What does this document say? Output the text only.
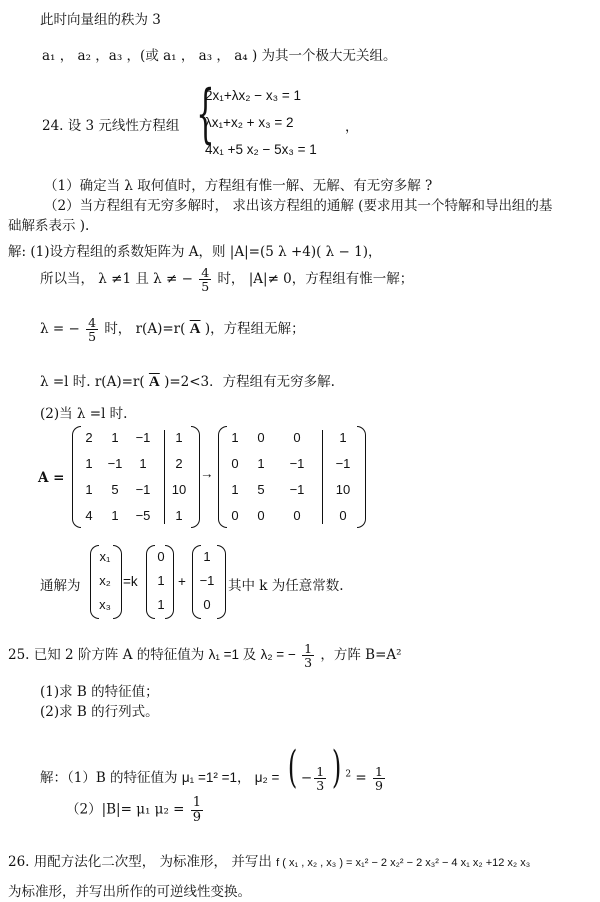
此时向量组的秩为 3
a₁ ， a₂ ，a₃ ，(或 a₁ ， a₃ ， a₄ ) 为其一个极大无关组。
24. 设 3 元线性方程组 {
2x₁+λx₂ − x₃ = 1
λx₁+x₂ + x₃ = 2
4x₁ +5 x₂ − 5x₃ = 1
，
（1）确定当 λ 取何值时，方程组有惟一解、无解、有无穷多解 ?
（2）当方程组有无穷多解时， 求出该方程组的通解 (要求用其一个特解和导出组的基
础解系表示 ).
解: (1)设方程组的系数矩阵为 A，则 |A|=(5 λ +4)( λ − 1)，
所以当， λ ≠1 且 λ ≠ − $\frac{4}{5}$ 时， |A|≠ 0，方程组有惟一解；
λ = − $\frac{4}{5}$ 时， r(A)=r( $\overline{A}$ )，方程组无解；
λ =l 时. r(A)=r( $\overline{A}$ )=2<3．方程组有无穷多解.
(2)当 λ =l 时.
A =
2	1	−1	1
1	−1	1	2
1	5	−1	10
4	1	−5	1
→
1	0	0	1
0	1	−1	−1
1	5	−1	10
0	0	0	0
通解为
x₁
x₂
x₃
=k
0
1
1
+
1
−1
0
其中 k 为任意常数.
25. 已知 2 阶方阵 A 的特征值为 λ₁ =1 及 λ₂ = − $\frac{1}{3}$ ，方阵 B=A²
(1)求 B 的特征值；
(2)求 B 的行列式。
解：（1）B 的特征值为 μ₁ =1² =1， μ₂ = ( − $\frac{1}{3}$ ) $^2 = \frac{1}{9}$
（2）|B|= μ₁ $\mu_2 = \frac{1}{9}$
26. 用配方法化二次型， 为标准形， 并写出 f ( x₁ , x₂ , x₃ ) = x₁² − 2 x₂² − 2 x₃² − 4 x₁ x₂ +12 x₂ x₃
为标准形，并写出所作的可逆线性变换。
